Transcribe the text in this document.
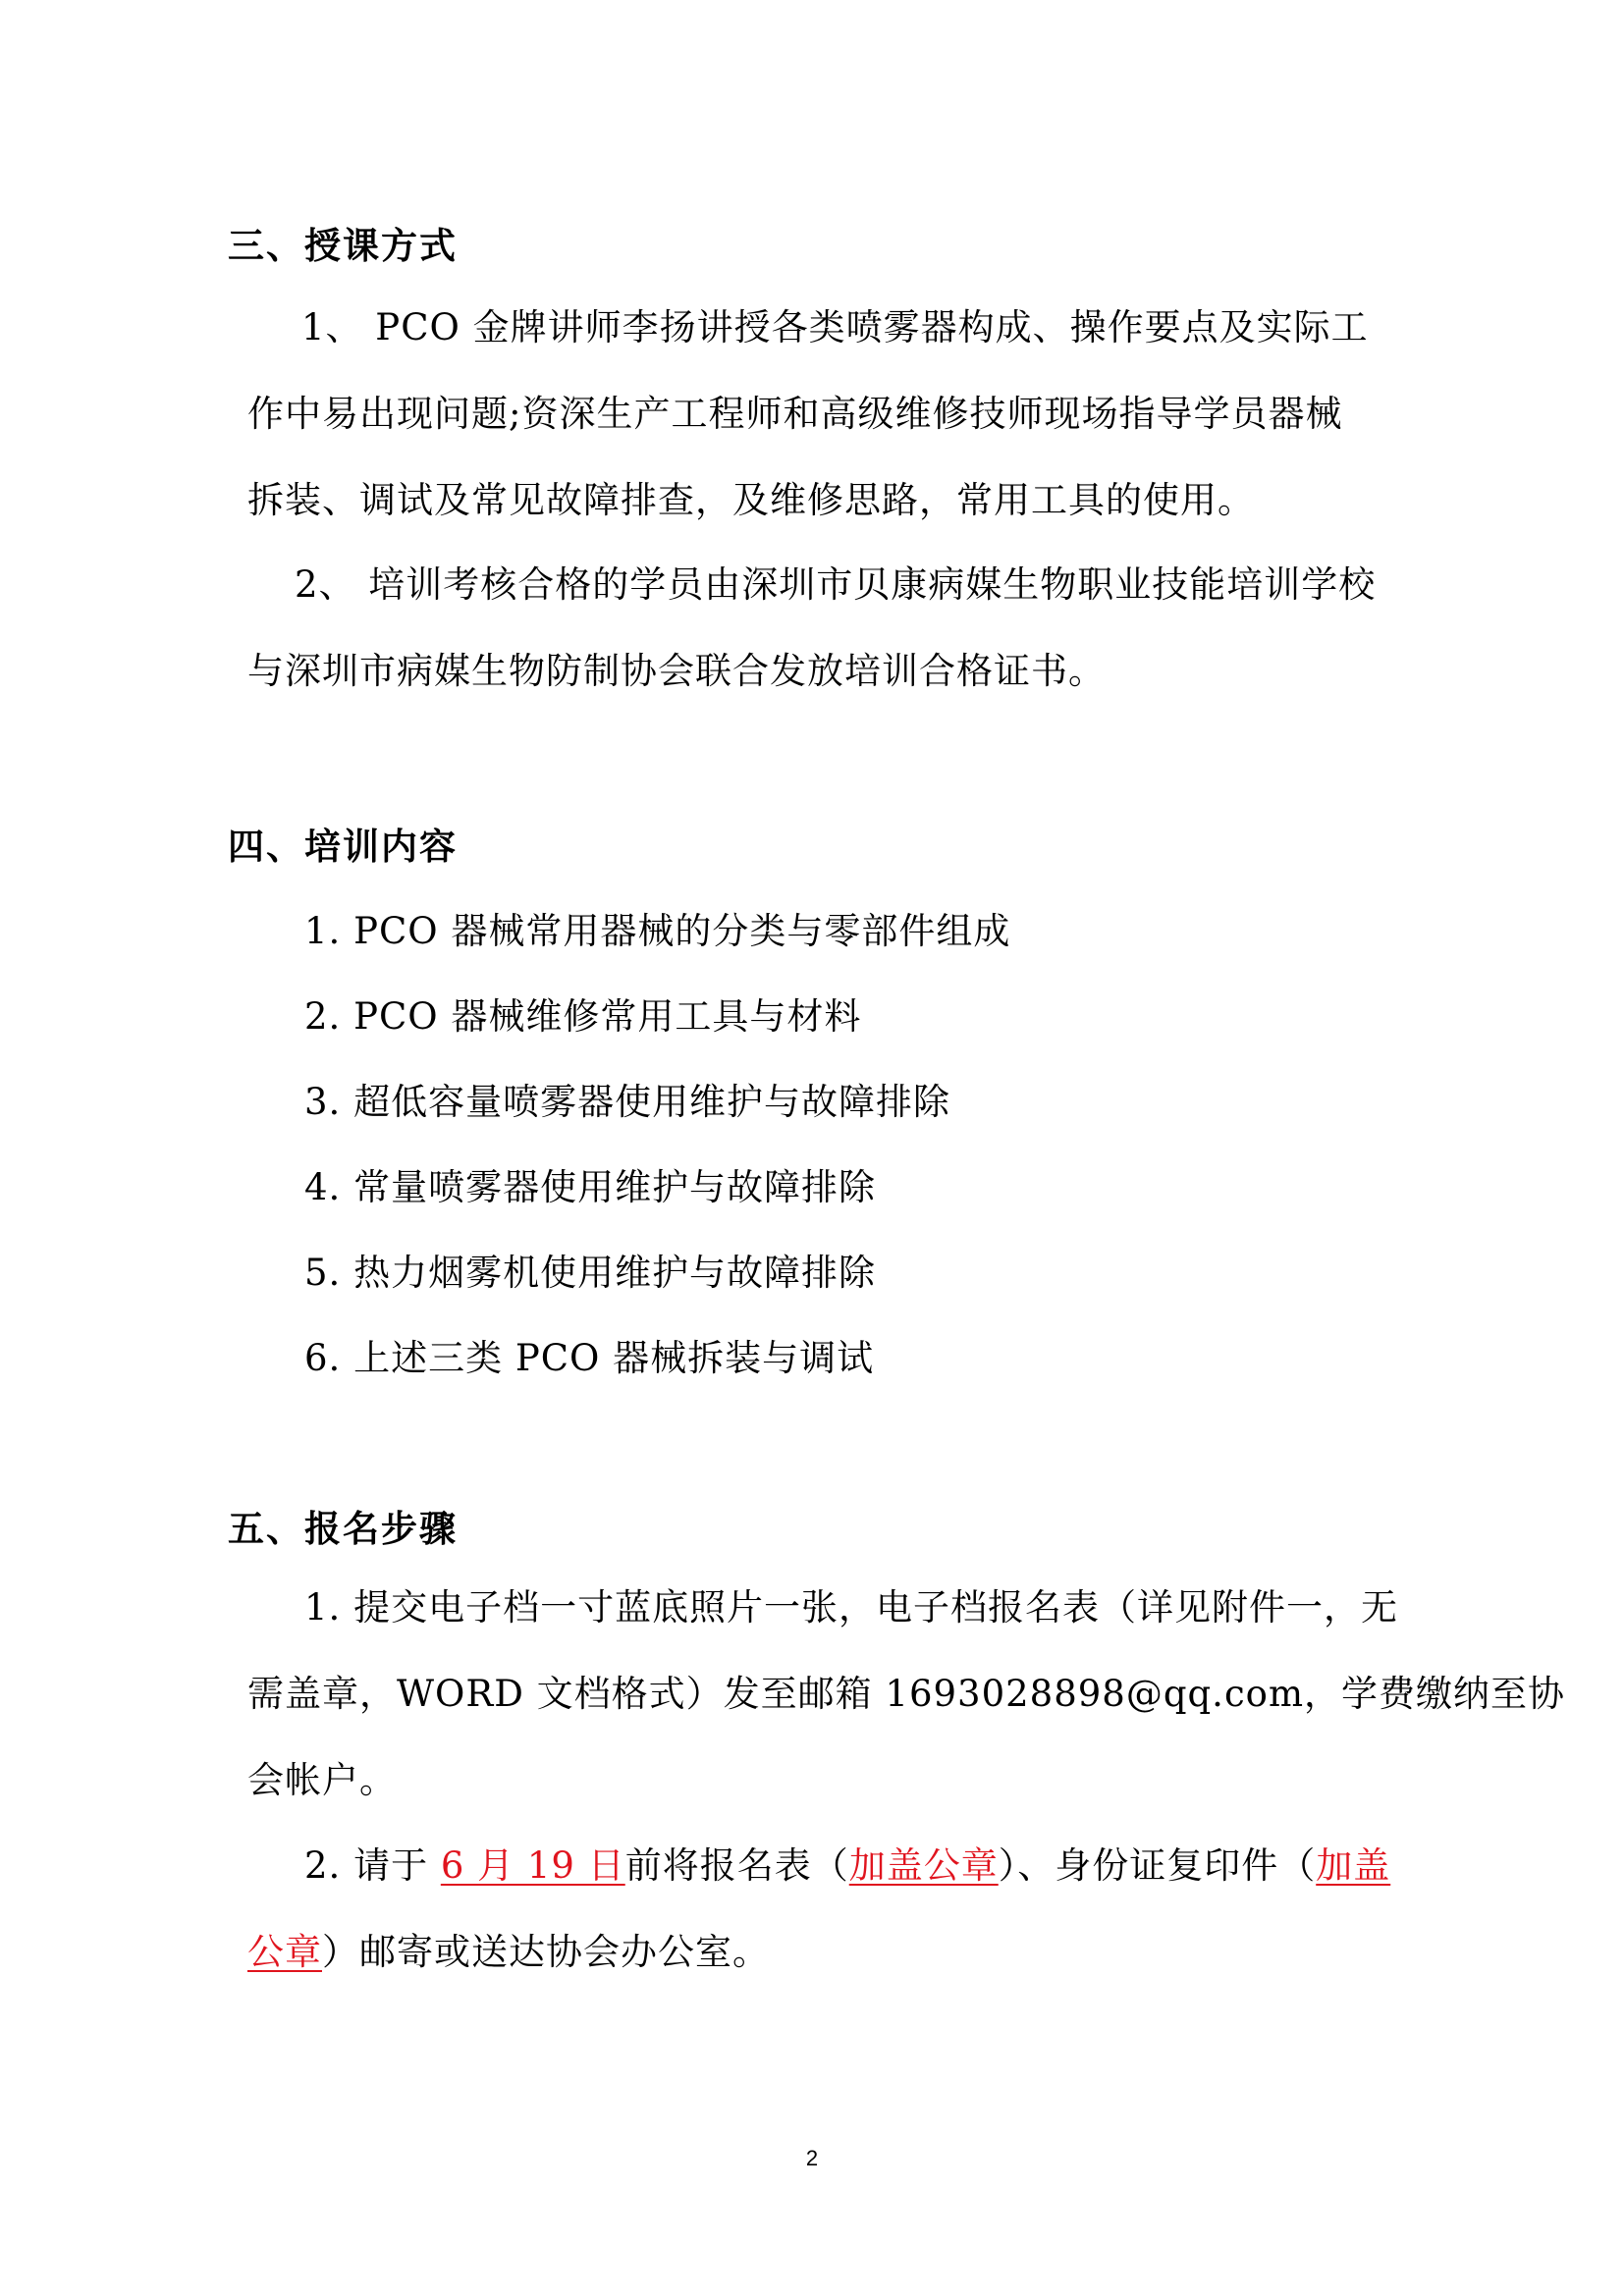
三、授课方式
1、 PCO 金牌讲师李扬讲授各类喷雾器构成、操作要点及实际工
作中易出现问题;资深生产工程师和高级维修技师现场指导学员器械
拆装、调试及常见故障排查，及维修思路，常用工具的使用。
2、 培训考核合格的学员由深圳市贝康病媒生物职业技能培训学校
与深圳市病媒生物防制协会联合发放培训合格证书。
四、培训内容
1. PCO 器械常用器械的分类与零部件组成
2. PCO 器械维修常用工具与材料
3. 超低容量喷雾器使用维护与故障排除
4. 常量喷雾器使用维护与故障排除
5. 热力烟雾机使用维护与故障排除
6. 上述三类 PCO 器械拆装与调试
五、报名步骤
1. 提交电子档一寸蓝底照片一张，电子档报名表（详见附件一，无
需盖章，WORD 文档格式）发至邮箱 1693028898@qq.com，学费缴纳至协
会帐户。
2. 请于 6 月 19 日前将报名表（加盖公章）、身份证复印件（加盖
公章）邮寄或送达协会办公室。
2
